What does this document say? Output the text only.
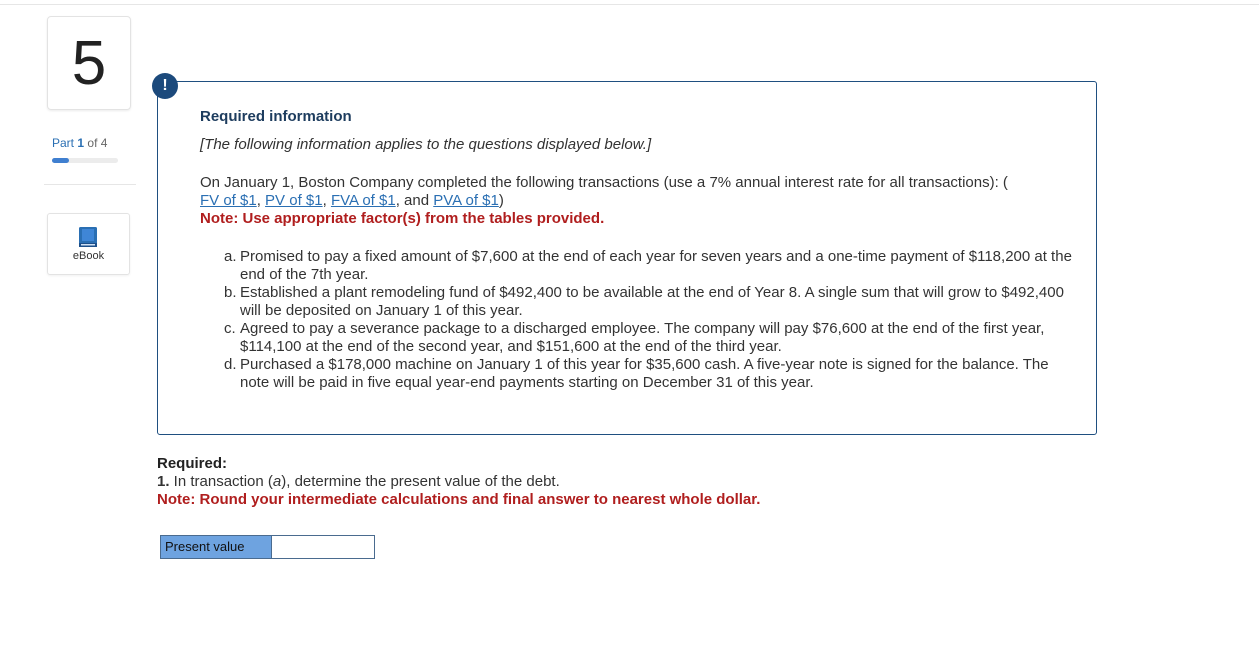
5
Part 1 of 4
eBook
!
Required information
[The following information applies to the questions displayed below.]
On January 1, Boston Company completed the following transactions (use a 7% annual interest rate for all transactions): (
FV of $1, PV of $1, FVA of $1, and PVA of $1)
Note: Use appropriate factor(s) from the tables provided.
a. Promised to pay a fixed amount of $7,600 at the end of each year for seven years and a one-time payment of $118,200 at the end of the 7th year.
b. Established a plant remodeling fund of $492,400 to be available at the end of Year 8. A single sum that will grow to $492,400 will be deposited on January 1 of this year.
c. Agreed to pay a severance package to a discharged employee. The company will pay $76,600 at the end of the first year, $114,100 at the end of the second year, and $151,600 at the end of the third year.
d. Purchased a $178,000 machine on January 1 of this year for $35,600 cash. A five-year note is signed for the balance. The note will be paid in five equal year-end payments starting on December 31 of this year.
Required:
1. In transaction (a), determine the present value of the debt.
Note: Round your intermediate calculations and final answer to nearest whole dollar.
Present value
